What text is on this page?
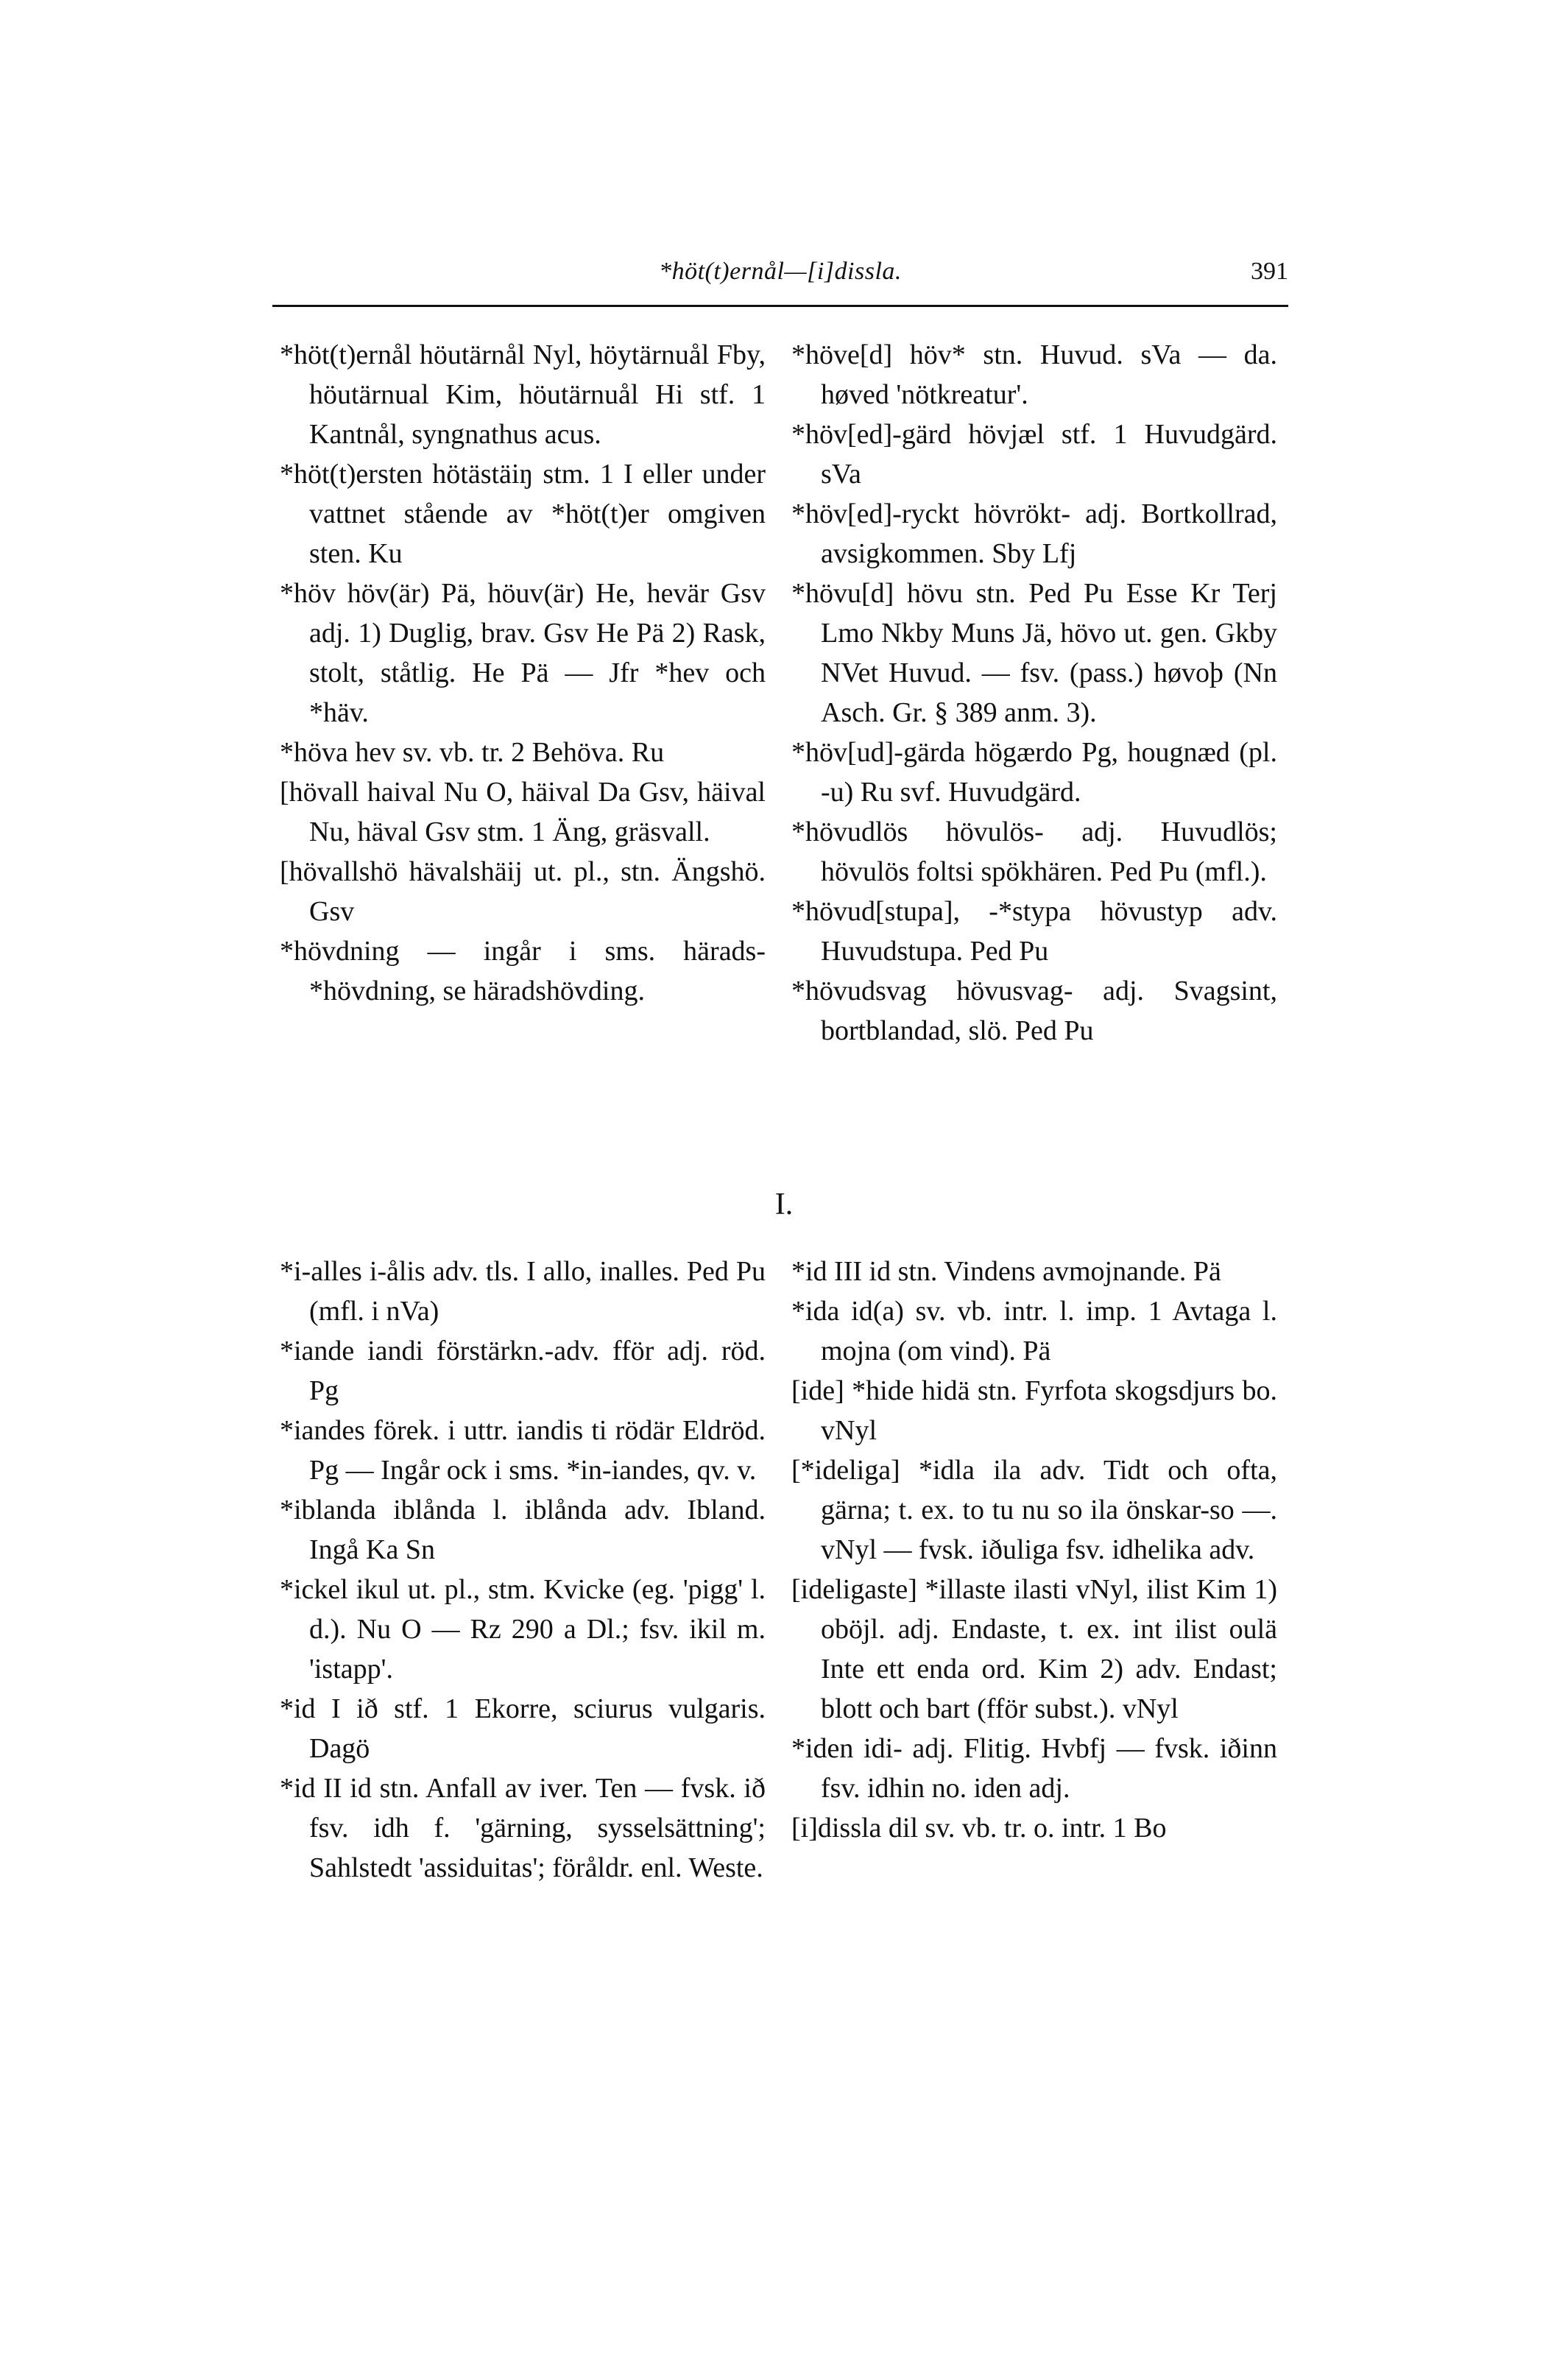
*höt(t)ernål—[i]dissla.	391

*höt(t)ernål höutärnål Nyl, höytärnuål Fby, höutärnual Kim, höutärnuål Hi stf. 1 Kantnål, syngnathus acus.

*höt(t)ersten hötästäiŋ stm. 1 I eller under vattnet stående av *höt(t)er omgiven sten. Ku

*höv höv(är) Pä, höuv(är) He, hevär Gsv adj. 1) Duglig, brav. Gsv He Pä 2) Rask, stolt, ståtlig. He Pä — Jfr *hev och *häv.

*höva hev sv. vb. tr. 2 Behöva. Ru

[hövall haival Nu O, häival Da Gsv, häival Nu, häval Gsv stm. 1 Äng, gräsvall.

[hövallshö hävalshäij ut. pl., stn. Ängshö. Gsv

*hövdning — ingår i sms. härads-*hövdning, se häradshövding.

*höve[d] höv* stn. Huvud. sVa — da. høved 'nötkreatur'.

*höv[ed]-gärd hövjæl stf. 1 Huvudgärd. sVa

*höv[ed]-ryckt hövrökt- adj. Bortkollrad, avsigkommen. Sby Lfj

*hövu[d] hövu stn. Ped Pu Esse Kr Terj Lmo Nkby Muns Jä, hövo ut. gen. Gkby NVet Huvud. — fsv. (pass.) høvoþ (Nn Asch. Gr. § 389 anm. 3).

*höv[ud]-gärda högærdo Pg, hougnæd (pl. -u) Ru svf. Huvudgärd.

*hövudlös hövulös- adj. Huvudlös; hövulös foltsi spökhären. Ped Pu (mfl.).

*hövud[stupa], -*stypa hövustyp adv. Huvudstupa. Ped Pu

*hövudsvag hövusvag- adj. Svagsint, bortblandad, slö. Ped Pu

I.

*i-alles i-ålis adv. tls. I allo, inalles. Ped Pu (mfl. i nVa)

*iande iandi förstärkn.-adv. fför adj. röd. Pg

*iandes förek. i uttr. iandis ti rödär Eldröd. Pg — Ingår ock i sms. *in-iandes, qv. v.

*iblanda iblånda l. iblånda adv. Ibland. Ingå Ka Sn

*ickel ikul ut. pl., stm. Kvicke (eg. 'pigg' l. d.). Nu O — Rz 290 a Dl.; fsv. ikil m. 'istapp'.

*id I ið stf. 1 Ekorre, sciurus vulgaris. Dagö

*id II id stn. Anfall av iver. Ten — fvsk. ið fsv. idh f. 'gärning, sysselsättning'; Sahlstedt 'assiduitas'; föråldr. enl. Weste.

*id III id stn. Vindens avmojnande. Pä

*ida id(a) sv. vb. intr. l. imp. 1 Avtaga l. mojna (om vind). Pä

[ide] *hide hidä stn. Fyrfota skogsdjurs bo. vNyl

[*ideliga] *idla ila adv. Tidt och ofta, gärna; t. ex. to tu nu so ila önskar-so —. vNyl — fvsk. iðuliga fsv. idhelika adv.

[ideligaste] *illaste ilasti vNyl, ilist Kim 1) oböjl. adj. Endaste, t. ex. int ilist oulä Inte ett enda ord. Kim 2) adv. Endast; blott och bart (fför subst.). vNyl

*iden idi- adj. Flitig. Hvbfj — fvsk. iðinn fsv. idhin no. iden adj.

[i]dissla dil sv. vb. tr. o. intr. 1 Bo
